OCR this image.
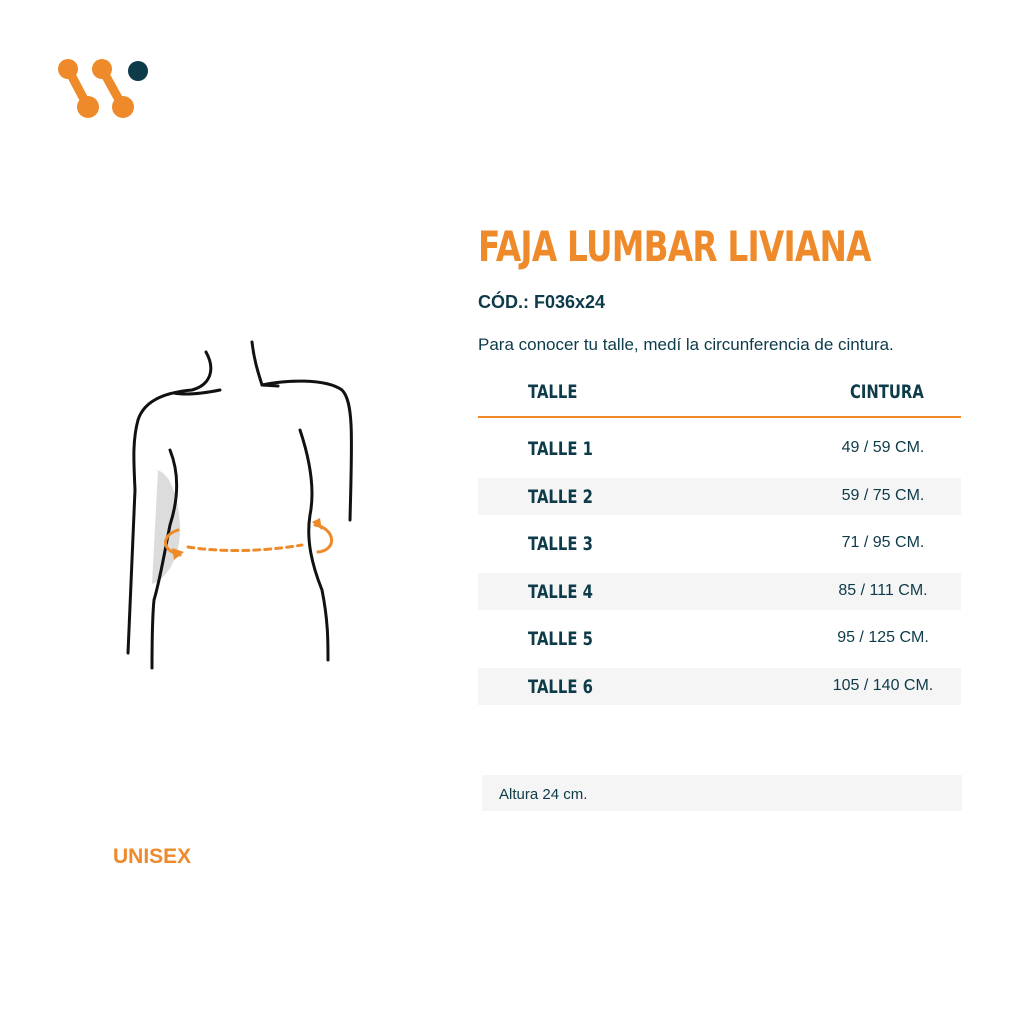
FAJA LUMBAR LIVIANA
CÓD.: F036x24
Para conocer tu talle, medí la circunferencia de cintura.
TALLE	CINTURA
TALLE 1	49 / 59 CM.
TALLE 2	59 / 75 CM.
TALLE 3	71 / 95 CM.
TALLE 4	85 / 111 CM.
TALLE 5	95 / 125 CM.
TALLE 6	105 / 140 CM.
Altura 24 cm.
UNISEX
